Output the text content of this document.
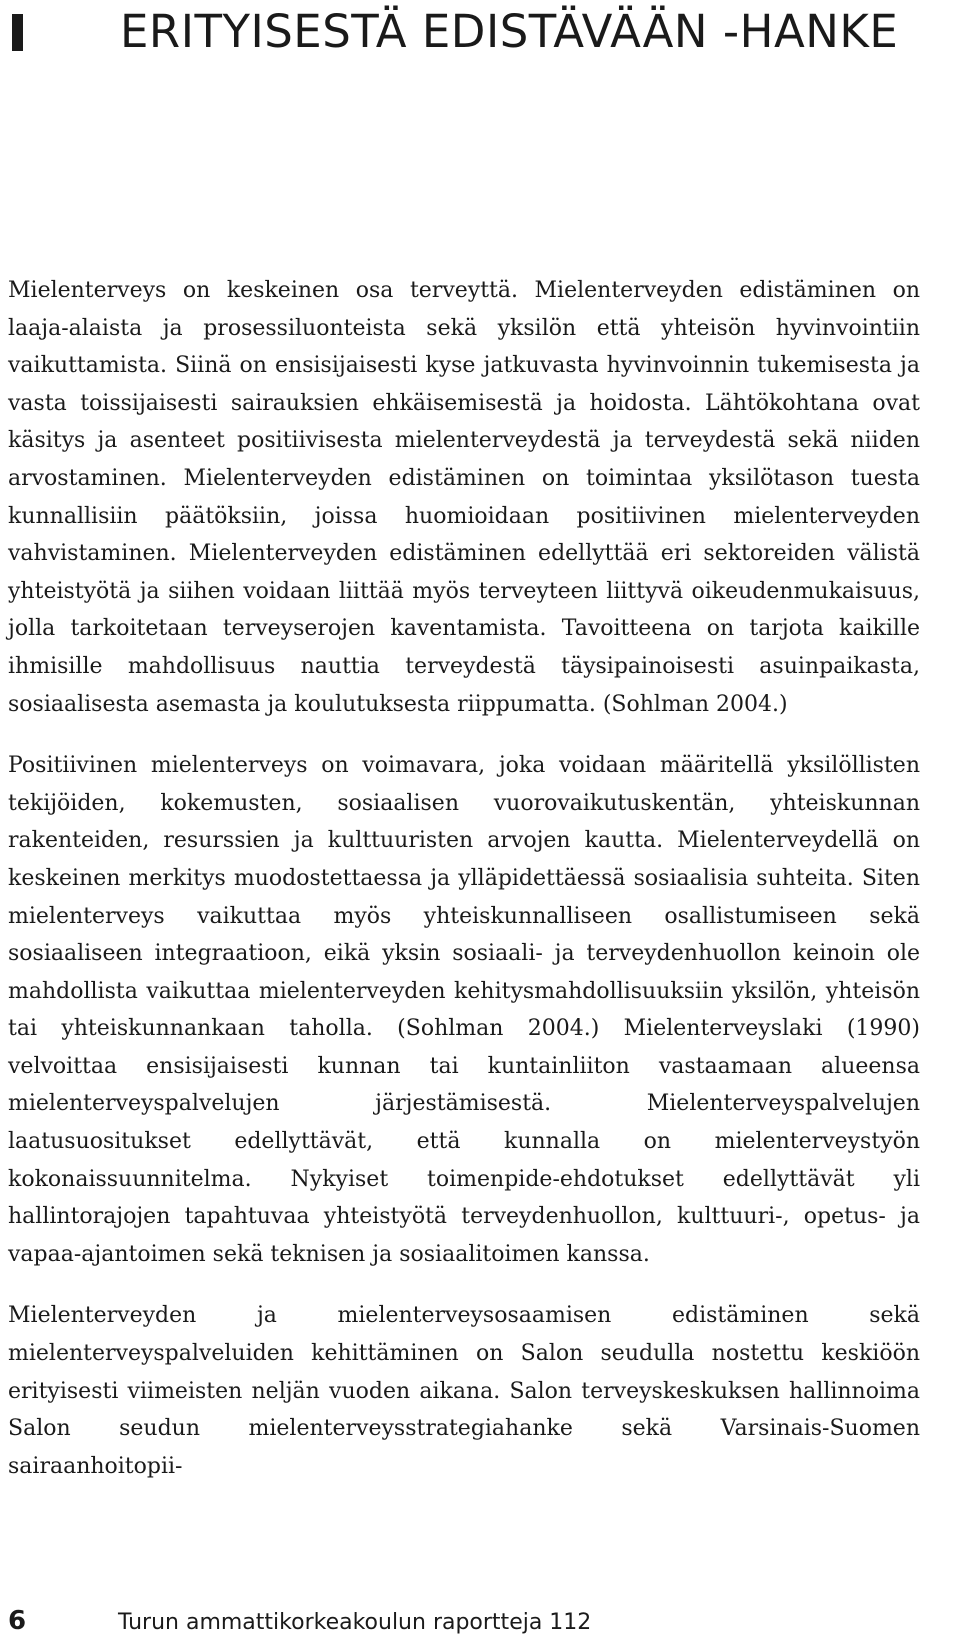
ERITYISESTÄ EDISTÄVÄÄN -HANKE

Mielenterveys on keskeinen osa terveyttä. Mielenterveyden edistäminen on laaja-alaista ja prosessiluonteista sekä yksilön että yhteisön hyvinvointiin vaikuttamista. Siinä on ensisijaisesti kyse jatkuvasta hyvinvoinnin tukemisesta ja vasta toissijaisesti sairauksien ehkäisemisestä ja hoidosta. Lähtökohtana ovat käsitys ja asenteet positiivisesta mielenterveydestä ja terveydestä sekä niiden arvostaminen. Mielenterveyden edistäminen on toimintaa yksilötason tuesta kunnallisiin päätöksiin, joissa huomioidaan positiivinen mielenterveyden vahvistaminen. Mielenterveyden edistäminen edellyttää eri sektoreiden välistä yhteistyötä ja siihen voidaan liittää myös terveyteen liittyvä oikeudenmukaisuus, jolla tarkoitetaan terveyserojen kaventamista. Tavoitteena on tarjota kaikille ihmisille mahdollisuus nauttia terveydestä täysipainoisesti asuinpaikasta, sosiaalisesta asemasta ja koulutuksesta riippumatta. (Sohlman 2004.)

Positiivinen mielenterveys on voimavara, joka voidaan määritellä yksilöllisten tekijöiden, kokemusten, sosiaalisen vuorovaikutuskentän, yhteiskunnan rakenteiden, resurssien ja kulttuuristen arvojen kautta. Mielenterveydellä on keskeinen merkitys muodostettaessa ja ylläpidettäessä sosiaalisia suhteita. Siten mielenterveys vaikuttaa myös yhteiskunnalliseen osallistumiseen sekä sosiaaliseen integraatioon, eikä yksin sosiaali- ja terveydenhuollon keinoin ole mahdollista vaikuttaa mielenterveyden kehitysmahdollisuuksiin yksilön, yhteisön tai yhteiskunnankaan taholla. (Sohlman 2004.) Mielenterveyslaki (1990) velvoittaa ensisijaisesti kunnan tai kuntainliiton vastaamaan alueensa mielenterveyspalvelujen järjestämisestä. Mielenterveyspalvelujen laatusuositukset edellyttävät, että kunnalla on mielenterveystyön kokonaissuunnitelma. Nykyiset toimenpide-ehdotukset edellyttävät yli hallintorajojen tapahtuvaa yhteistyötä terveydenhuollon, kulttuuri-, opetus- ja vapaa-ajantoimen sekä teknisen ja sosiaalitoimen kanssa.

Mielenterveyden ja mielenterveysosaamisen edistäminen sekä mielenterveyspalveluiden kehittäminen on Salon seudulla nostettu keskiöön erityisesti viimeisten neljän vuoden aikana. Salon terveyskeskuksen hallinnoima Salon seudun mielenterveysstrategiahanke sekä Varsinais-Suomen sairaanhoitopii-

6	Turun ammattikorkeakoulun raportteja 112
